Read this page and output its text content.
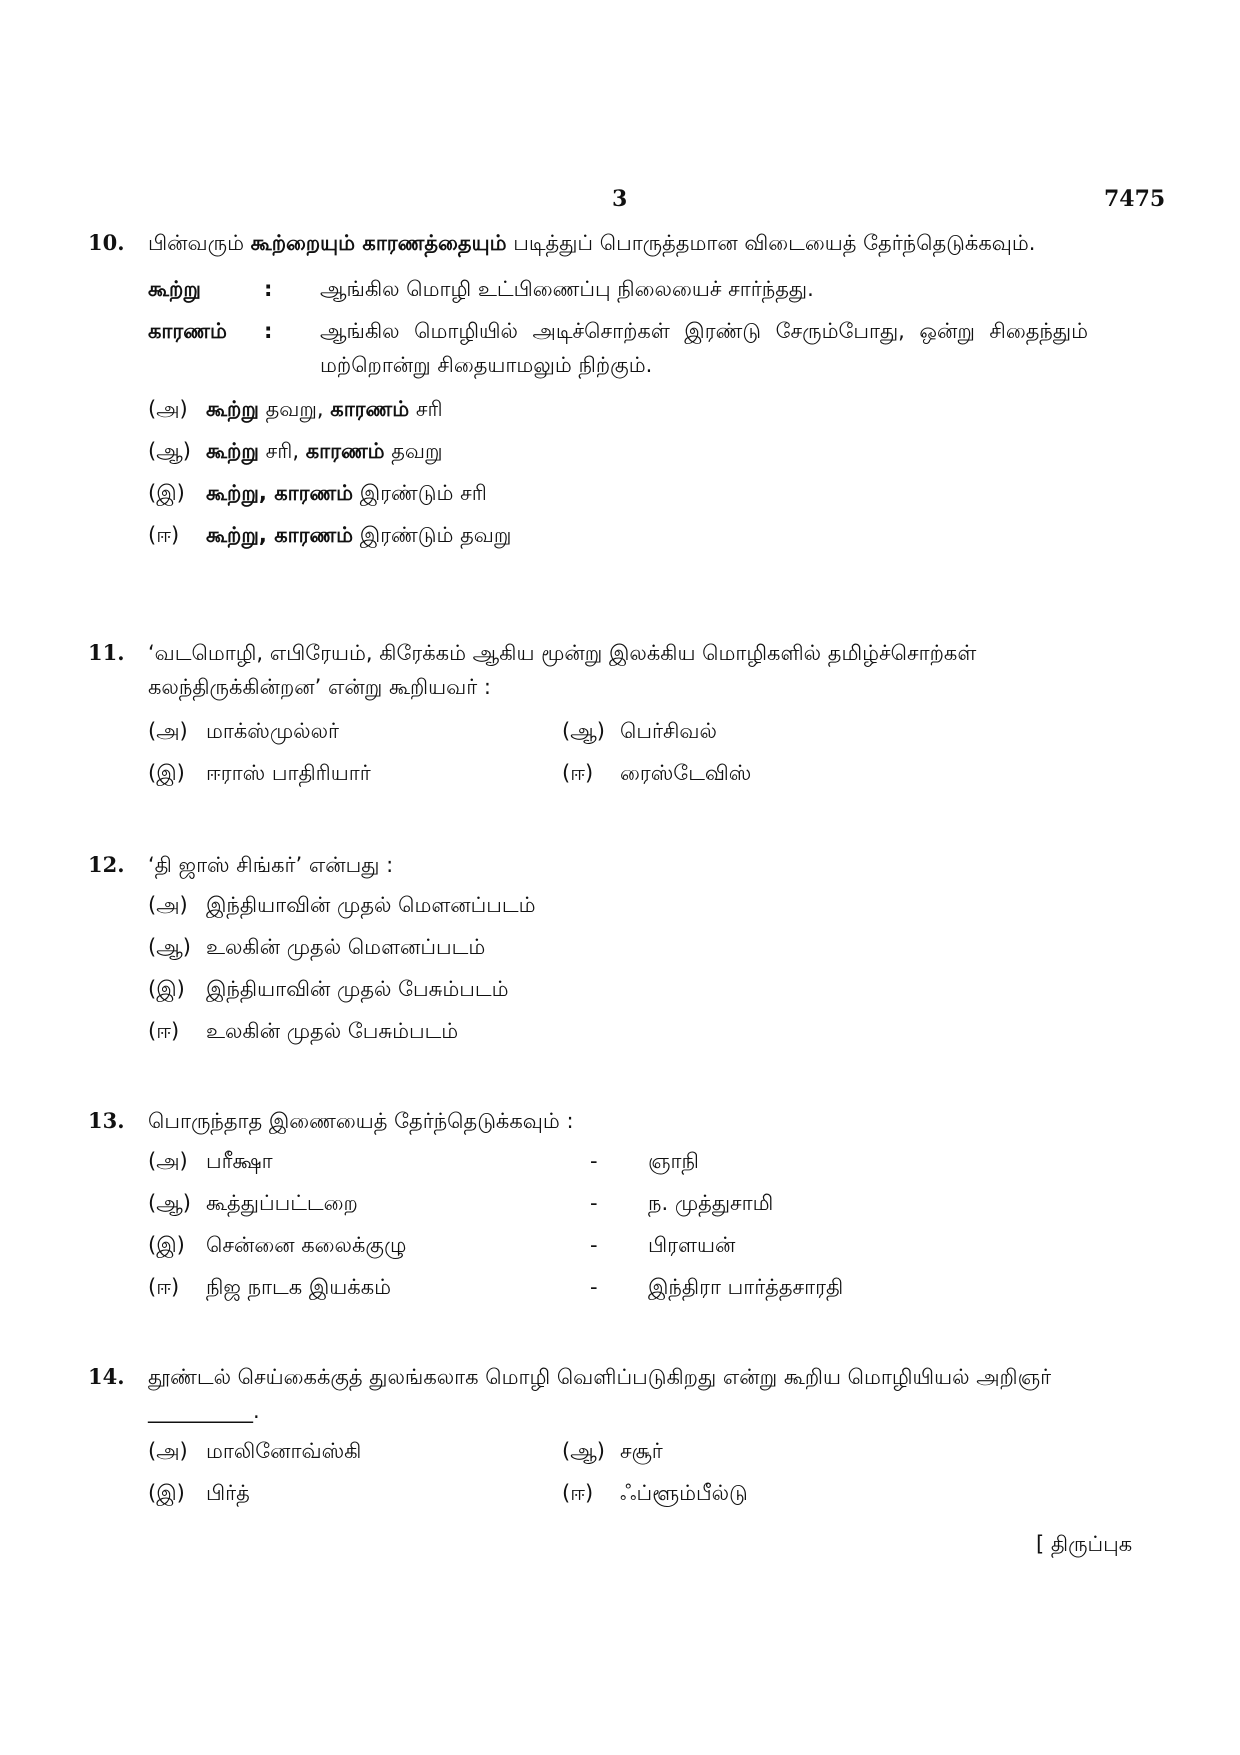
3	7475
10. பின்வரும் கூற்றையும் காரணத்தையும் படித்துப் பொருத்தமான விடையைத் தேர்ந்தெடுக்கவும்.
கூற்று	: ஆங்கில மொழி உட்பிணைப்பு நிலையைச் சார்ந்தது.
காரணம் : ஆங்கில மொழியில் அடிச்சொற்கள் இரண்டு சேரும்போது, ஒன்று சிதைந்தும் மற்றொன்று சிதையாமலும் நிற்கும்.
(அ) கூற்று தவறு, காரணம் சரி
(ஆ) கூற்று சரி, காரணம் தவறு
(இ) கூற்று, காரணம் இரண்டும் சரி
(ஈ) கூற்று, காரணம் இரண்டும் தவறு
11. ‘வடமொழி, எபிரேயம், கிரேக்கம் ஆகிய மூன்று இலக்கிய மொழிகளில் தமிழ்ச்சொற்கள் கலந்திருக்கின்றன’ என்று கூறியவர் :
(அ) மாக்ஸ்முல்லர்	(ஆ) பெர்சிவல்
(இ) ஈராஸ் பாதிரியார்	(ஈ) ரைஸ்டேவிஸ்
12. ‘தி ஜாஸ் சிங்கர்’ என்பது :
(அ) இந்தியாவின் முதல் மௌனப்படம்
(ஆ) உலகின் முதல் மௌனப்படம்
(இ) இந்தியாவின் முதல் பேசும்படம்
(ஈ) உலகின் முதல் பேசும்படம்
13. பொருந்தாத இணையைத் தேர்ந்தெடுக்கவும் :
(அ) பரீக்ஷா	- ஞாநி
(ஆ) கூத்துப்பட்டறை	- ந. முத்துசாமி
(இ) சென்னை கலைக்குழு	- பிரளயன்
(ஈ) நிஜ நாடக இயக்கம்	- இந்திரா பார்த்தசாரதி
14. தூண்டல் செய்கைக்குத் துலங்கலாக மொழி வெளிப்படுகிறது என்று கூறிய மொழியியல் அறிஞர் __________.
(அ) மாலினோவ்ஸ்கி	(ஆ) சசூர்
(இ) பிர்த்	(ஈ) ஃப்ளூம்பீல்டு
[ திருப்புக
